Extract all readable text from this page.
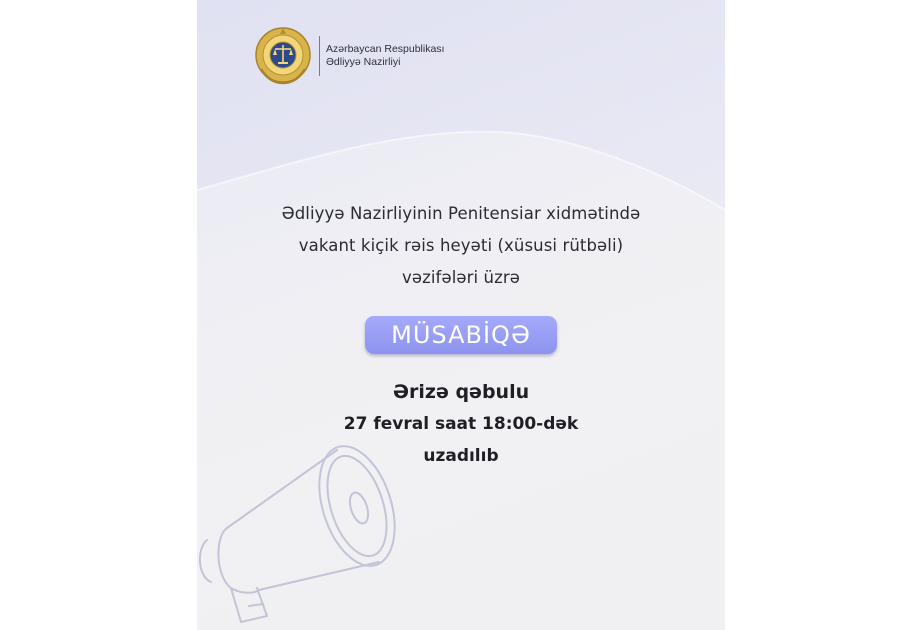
Azərbaycan Respublikası
Ədliyyə Nazirliyi
Ədliyyə Nazirliyinin Penitensiar xidmətində
vakant kiçik rəis heyəti (xüsusi rütbəli)
vəzifələri üzrə
MÜSABİQƏ
Ərizə qəbulu
27 fevral saat 18:00-dək
uzadılıb
